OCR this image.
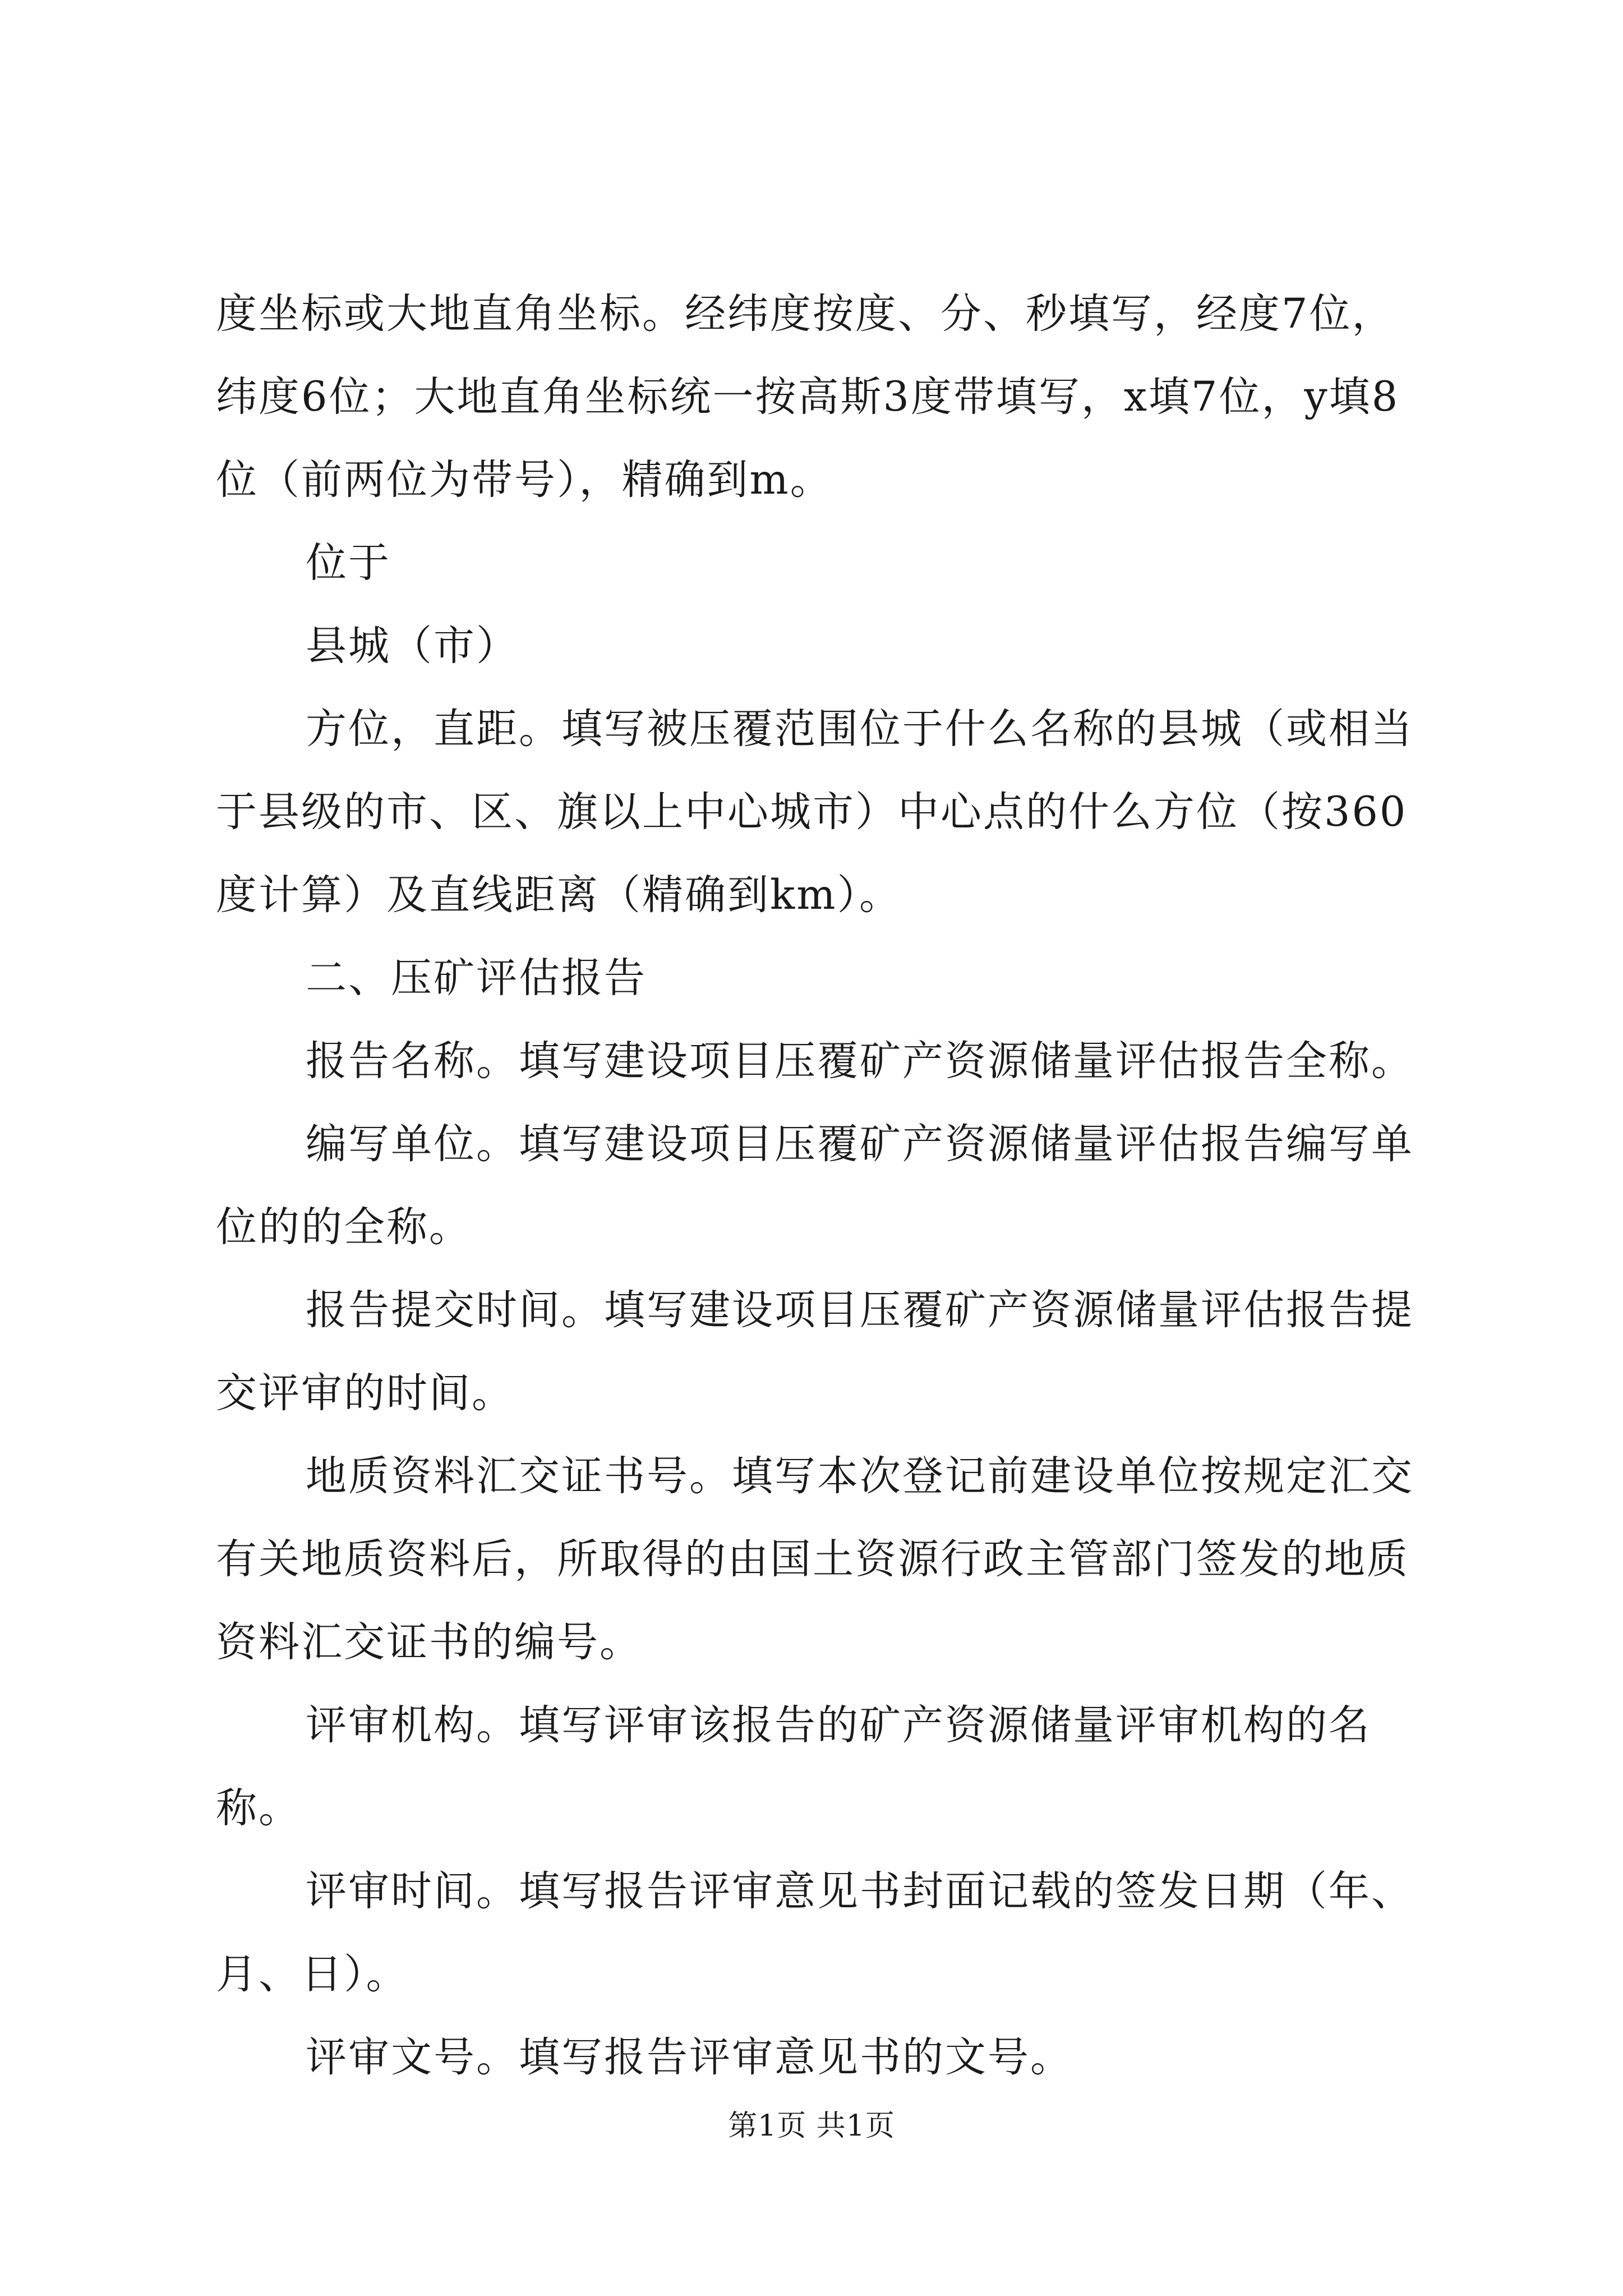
度坐标或大地直角坐标。经纬度按度、分、秒填写，经度7位，纬度6位；大地直角坐标统一按高斯3度带填写，x填7位，y填8位（前两位为带号），精确到m。

位于

县城（市）

方位，直距。填写被压覆范围位于什么名称的县城（或相当于县级的市、区、旗以上中心城市）中心点的什么方位（按360度计算）及直线距离（精确到km）。

二、压矿评估报告

报告名称。填写建设项目压覆矿产资源储量评估报告全称。

编写单位。填写建设项目压覆矿产资源储量评估报告编写单位的的全称。

报告提交时间。填写建设项目压覆矿产资源储量评估报告提交评审的时间。

地质资料汇交证书号。填写本次登记前建设单位按规定汇交有关地质资料后，所取得的由国土资源行政主管部门签发的地质资料汇交证书的编号。

评审机构。填写评审该报告的矿产资源储量评审机构的名称。

评审时间。填写报告评审意见书封面记载的签发日期（年、月、日）。

评审文号。填写报告评审意见书的文号。

第1页 共1页
